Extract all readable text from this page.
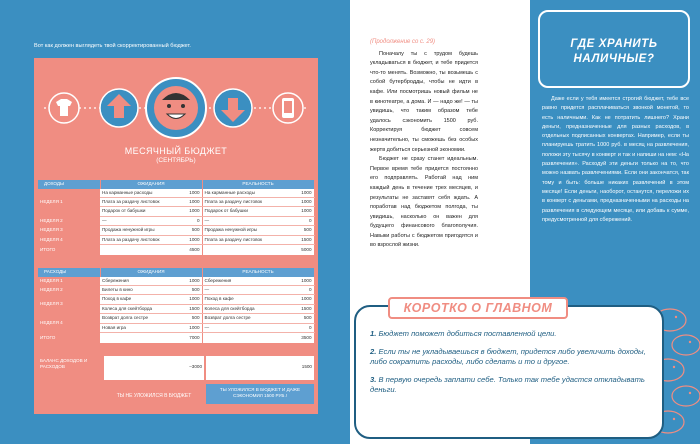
Вот как должен выглядеть твой скорректированный бюджет.
МЕСЯЧНЫЙ БЮДЖЕТ
(СЕНТЯБРЬ)
ДОХОДЫ	ОЖИДАНИЯ		РЕАЛЬНОСТЬ	
НЕДЕЛЯ 1	На карманные расходы	1000	На карманные расходы	1000
	Плата за раздачу листовок	1000	Плата за раздачу листовок	1000
	Подарок от бабушки	1000	Подарок от бабушки	1000
НЕДЕЛЯ 2	—	0	—	0
НЕДЕЛЯ 3	Продажа ненужной игры	500	Продажа ненужной игры	500
НЕДЕЛЯ 4	Плата за раздачу листовок	1000	Плата за раздачу листовок	1500
ИТОГО	4500		5000	
РАСХОДЫ	ОЖИДАНИЯ		РЕАЛЬНОСТЬ	
НЕДЕЛЯ 1	Сбережения	1000	Сбережения	1000
НЕДЕЛЯ 2	Билеты в кино	500	—	0
НЕДЕЛЯ 3	Поход в кафе	1000	Поход в кафе	1000
	Колеса для скейтборда	1500	Колеса для скейтборда	1500
НЕДЕЛЯ 4	Возврат долга сестре	500	Возврат долга сестре	500
	Новая игра	1000	—	0
ИТОГО	7000		3500	
БАЛАНС ДОХОДОВ И РАСХОДОВ	–3000	1500
ТЫ НЕ УЛОЖИЛСЯ В БЮДЖЕТ
ТЫ УЛОЖИЛСЯ В БЮДЖЕТ И ДАЖЕ СЭКОНОМИЛ 1500 РУБ.!
(Продолжение со с. 29)

Поначалу ты с трудом будешь укладываться в бюджет, и тебе придется что-то менять. Возможно, ты возьмешь с собой бутербродды, чтобы не идти в кафе. Или посмотришь новый фильм не в кинотеатре, а дома. И — надо же! — ты увидишь, что таким образом тебе удалось сэкономить 1500 руб. Корректируя бюджет совсем незначительно, ты сможешь без особых жертв добиться серьезной экономии.

Бюджет не сразу станет идеальным. Первое время тебе придется постоянно его подправлять. Работай над ним каждый день в течение трех месяцев, и результаты не заставят себя ждать. А поработав над бюджетом полгода, ты увидишь, насколько он важен для будущего финансового благополучия. Навыки работы с бюджетом пригодятся и во взрослой жизни.

ГДЕ ХРАНИТЬ
НАЛИЧНЫЕ?
Даже если у тебя имеется строгий бюджет, тебе все равно придется расплачиваться звонкой монетой, то есть наличными. Как не потратить лишнего? Храни деньги, предназначенные для разных расходов, в отдельных подписанных конвертах. Например, если ты планируешь тратить 1000 руб. в месяц на развлечения, положи эту тысячу в конверт и так и напиши на нем: «На развлечения». Расходуй эти деньги только на то, что можно назвать развлечениями. Если они закончатся, так тому и быть: больше никаких развлечений в этом месяце! Если деньги, наоборот, останутся, переложи их в конверт с деньгами, предназначенными на расходы на развлечения в следующем месяце, или добавь к сумме, предусмотренной для сбережений.
КОРОТКО О ГЛАВНОМ
1. Бюджет поможет добиться поставленной цели.
2. Если ты не укладываешься в бюджет, придется либо увеличить доходы, либо сократить расходы, либо сделать и то и другое.
3. В первую очередь заплати себе. Только так тебе удастся откладывать деньги.
